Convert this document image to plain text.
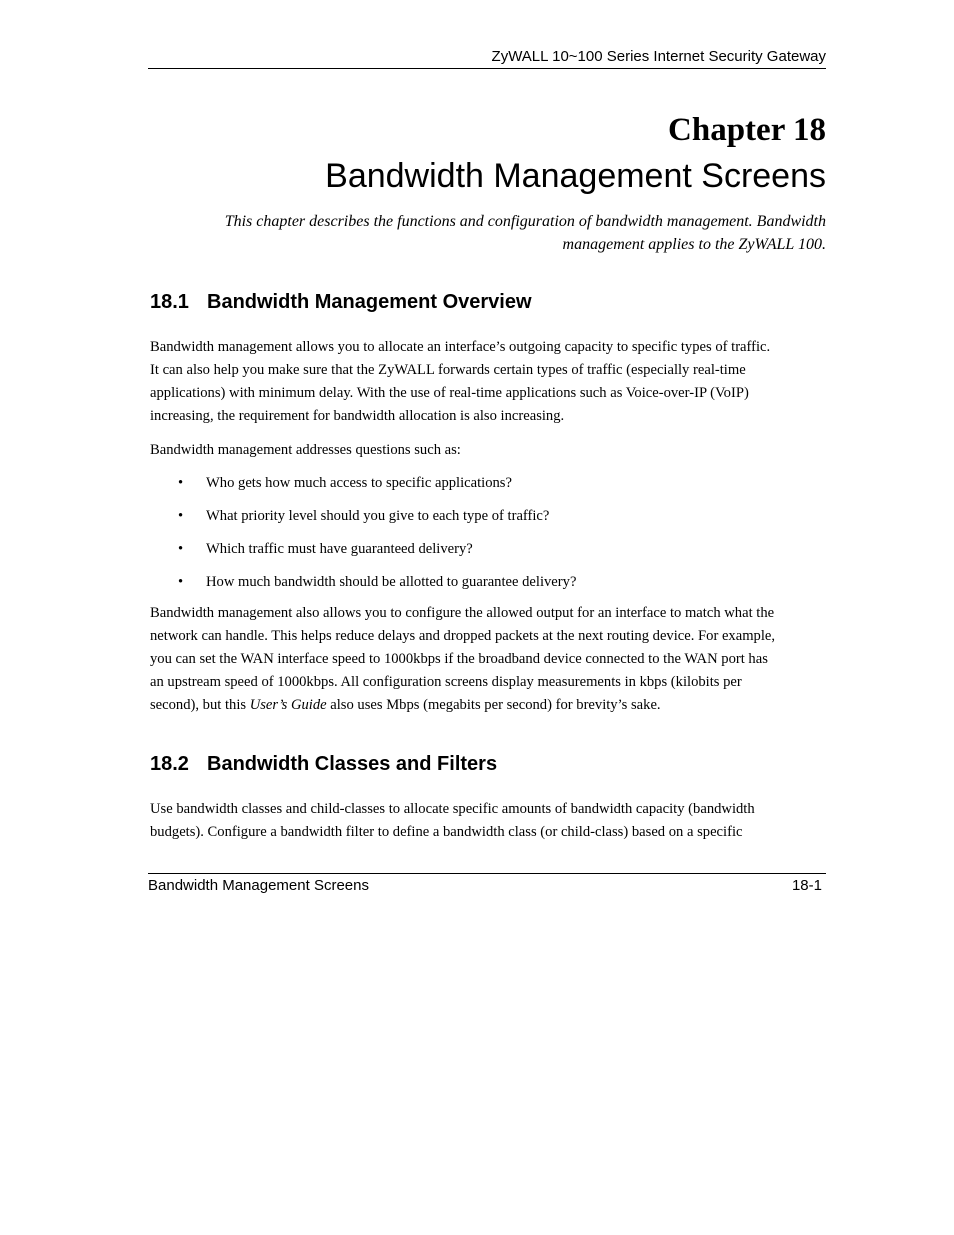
ZyWALL 10~100 Series Internet Security Gateway
Chapter 18
Bandwidth Management Screens
This chapter describes the functions and configuration of bandwidth management. Bandwidth
management applies to the ZyWALL 100.
18.1 Bandwidth Management Overview
Bandwidth management allows you to allocate an interface’s outgoing capacity to specific types of traffic.
It can also help you make sure that the ZyWALL forwards certain types of traffic (especially real-time
applications) with minimum delay. With the use of real-time applications such as Voice-over-IP (VoIP)
increasing, the requirement for bandwidth allocation is also increasing.
Bandwidth management addresses questions such as:
• Who gets how much access to specific applications?
• What priority level should you give to each type of traffic?
• Which traffic must have guaranteed delivery?
• How much bandwidth should be allotted to guarantee delivery?
Bandwidth management also allows you to configure the allowed output for an interface to match what the
network can handle. This helps reduce delays and dropped packets at the next routing device. For example,
you can set the WAN interface speed to 1000kbps if the broadband device connected to the WAN port has
an upstream speed of 1000kbps. All configuration screens display measurements in kbps (kilobits per
second), but this User’s Guide also uses Mbps (megabits per second) for brevity’s sake.
18.2 Bandwidth Classes and Filters
Use bandwidth classes and child-classes to allocate specific amounts of bandwidth capacity (bandwidth
budgets). Configure a bandwidth filter to define a bandwidth class (or child-class) based on a specific
Bandwidth Management Screens	18-1
